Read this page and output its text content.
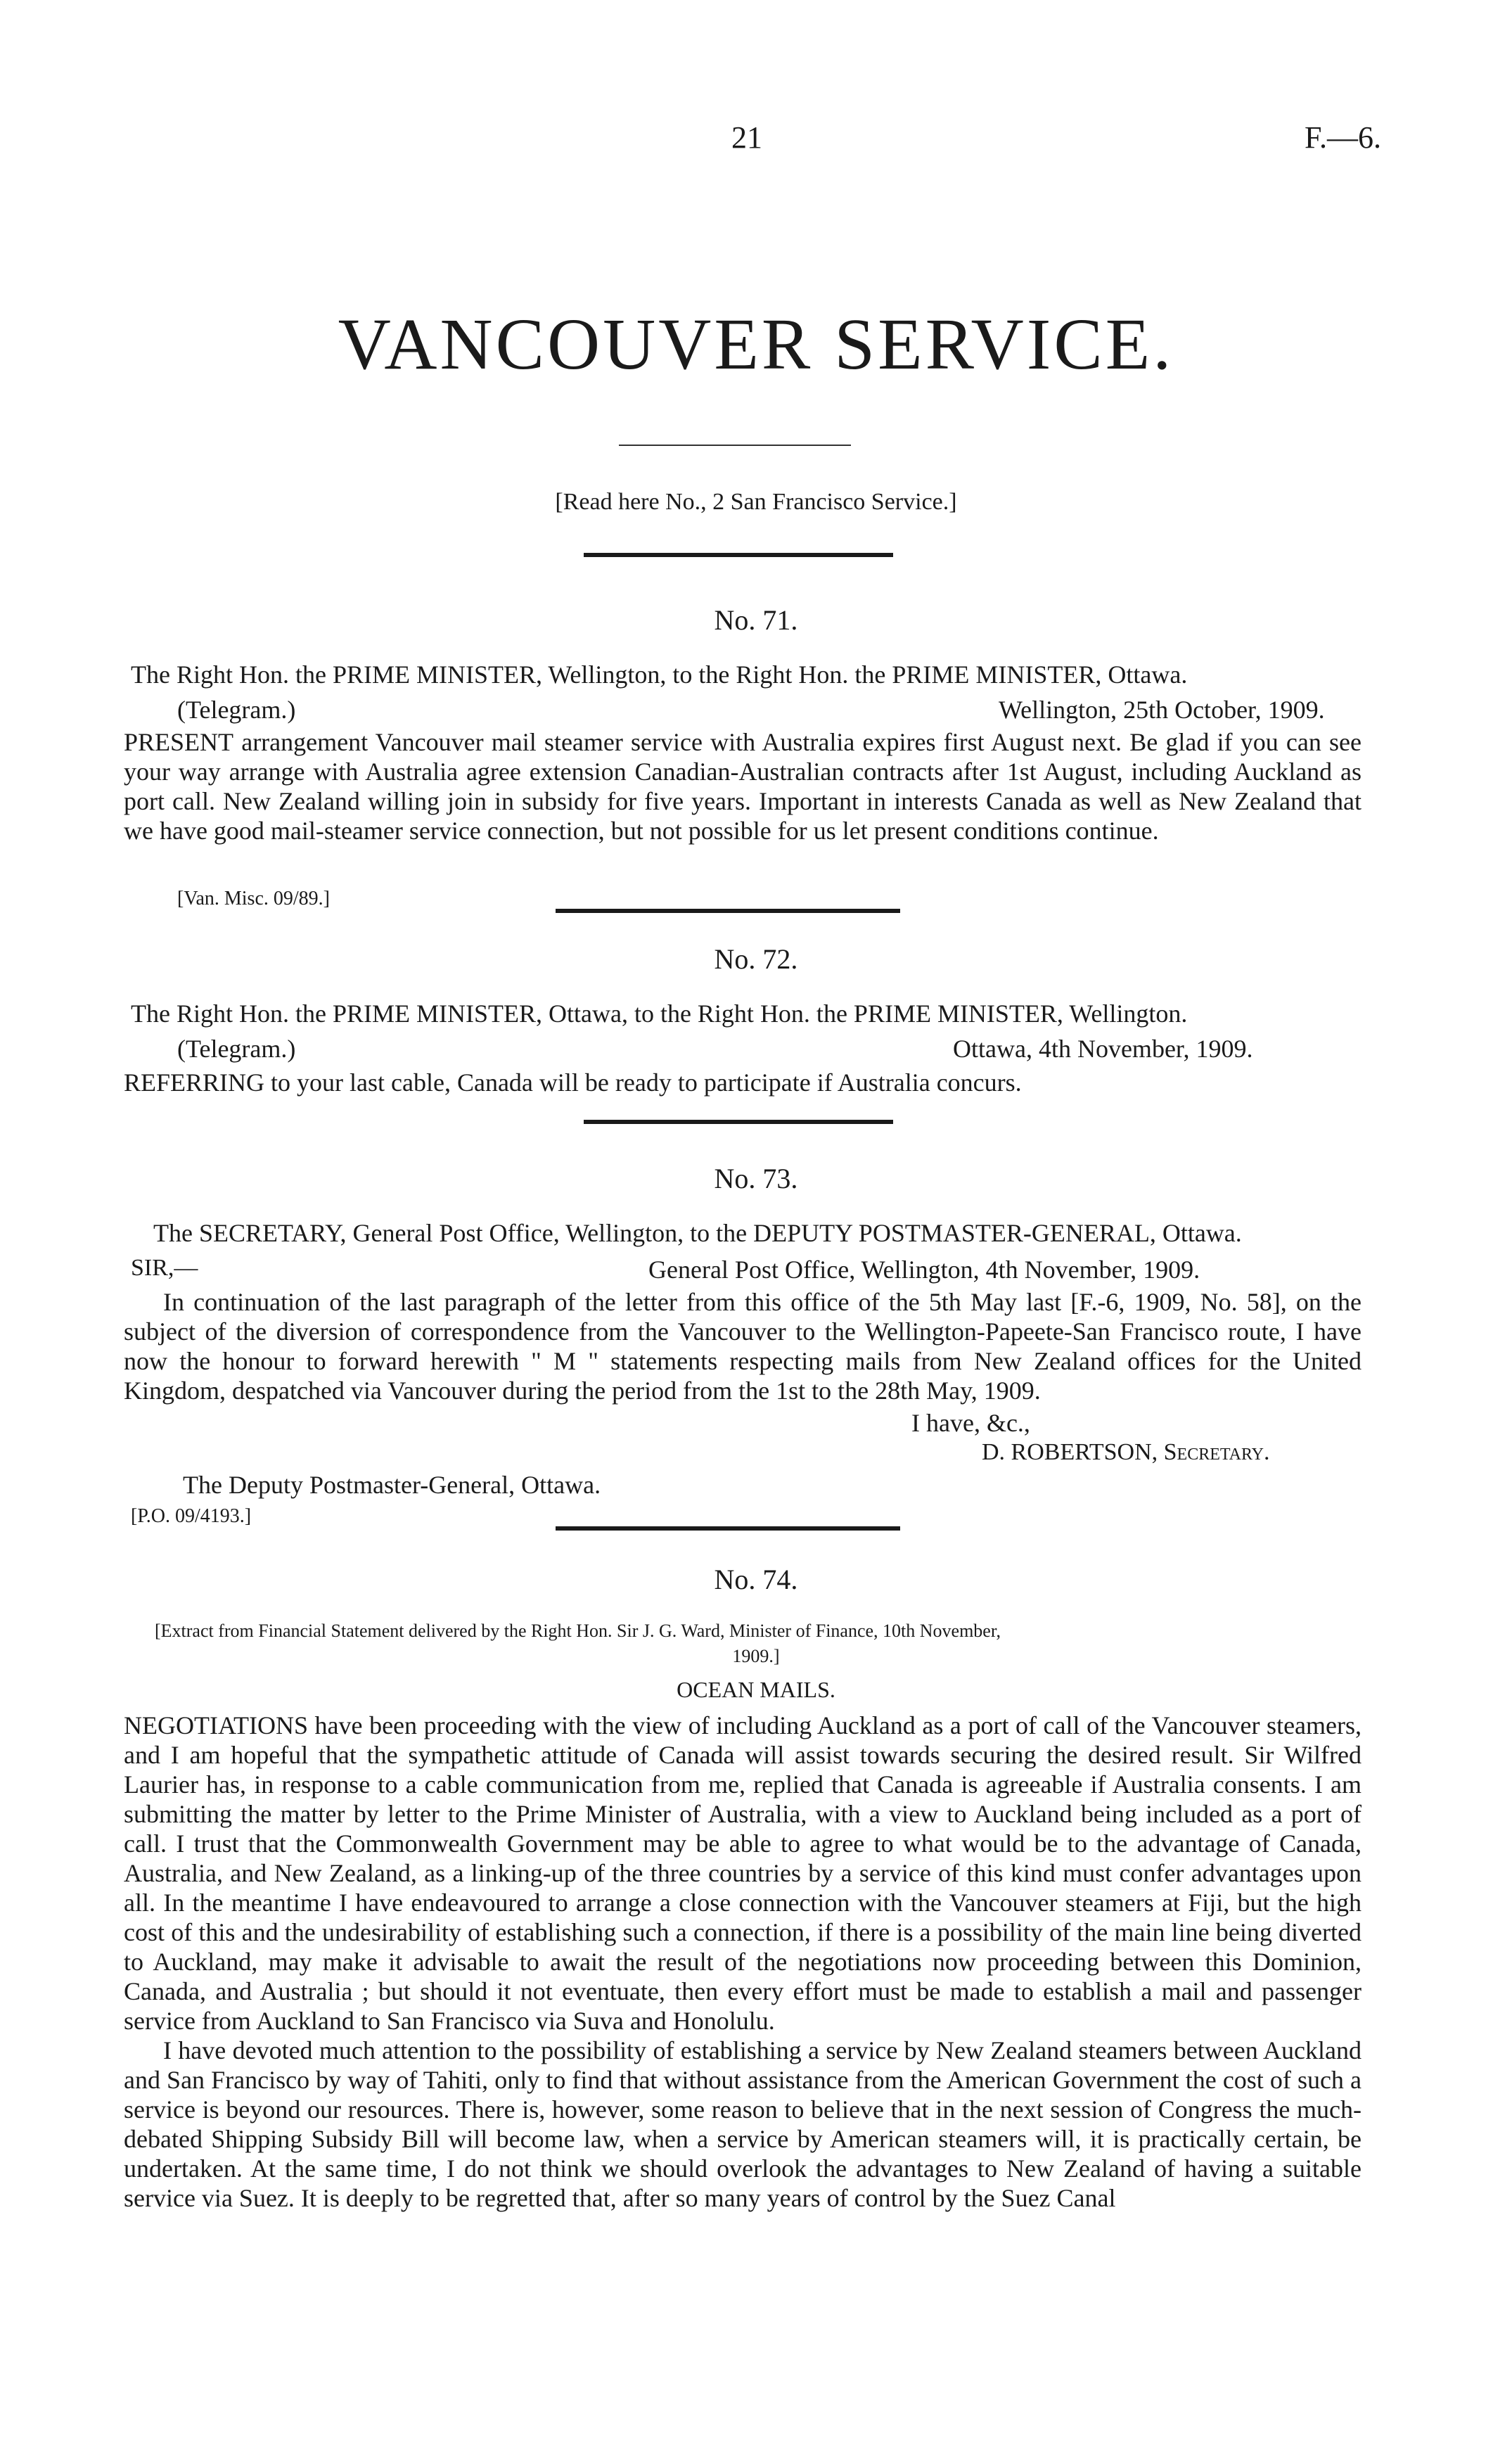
21	F.—6.
VANCOUVER SERVICE.
[Read here No., 2 San Francisco Service.]
No. 71.
The Right Hon. the PRIME MINISTER, Wellington, to the Right Hon. the PRIME MINISTER, Ottawa.
(Telegram.)	Wellington, 25th October, 1909.
PRESENT arrangement Vancouver mail steamer service with Australia expires first August next. Be glad if you can see your way arrange with Australia agree extension Canadian-Australian contracts after 1st August, including Auckland as port call. New Zealand willing join in subsidy for five years. Important in interests Canada as well as New Zealand that we have good mail-steamer service connection, but not possible for us let present conditions continue.
[Van. Misc. 09/89.]
No. 72.
The Right Hon. the PRIME MINISTER, Ottawa, to the Right Hon. the PRIME MINISTER, Wellington.
(Telegram.)	Ottawa, 4th November, 1909.
REFERRING to your last cable, Canada will be ready to participate if Australia concurs.
No. 73.
The SECRETARY, General Post Office, Wellington, to the DEPUTY POSTMASTER-GENERAL, Ottawa.
SIR,—	General Post Office, Wellington, 4th November, 1909.

In continuation of the last paragraph of the letter from this office of the 5th May last [F.-6, 1909, No. 58], on the subject of the diversion of correspondence from the Vancouver to the Wellington-Papeete-San Francisco route, I have now the honour to forward herewith " M " statements respecting mails from New Zealand offices for the United Kingdom, despatched via Vancouver during the period from the 1st to the 28th May, 1909.

I have, &c.,
D. ROBERTSON, Secretary.
The Deputy Postmaster-General, Ottawa.
[P.O. 09/4193.]
No. 74.
[Extract from Financial Statement delivered by the Right Hon. Sir J. G. Ward, Minister of Finance, 10th November,
1909.]
OCEAN MAILS.
NEGOTIATIONS have been proceeding with the view of including Auckland as a port of call of the Vancouver steamers, and I am hopeful that the sympathetic attitude of Canada will assist towards securing the desired result. Sir Wilfred Laurier has, in response to a cable communication from me, replied that Canada is agreeable if Australia consents. I am submitting the matter by letter to the Prime Minister of Australia, with a view to Auckland being included as a port of call. I trust that the Commonwealth Government may be able to agree to what would be to the advantage of Canada, Australia, and New Zealand, as a linking-up of the three countries by a service of this kind must confer advantages upon all. In the meantime I have endeavoured to arrange a close connection with the Vancouver steamers at Fiji, but the high cost of this and the undesirability of establishing such a connection, if there is a possibility of the main line being diverted to Auckland, may make it advisable to await the result of the negotiations now proceeding between this Dominion, Canada, and Australia ; but should it not eventuate, then every effort must be made to establish a mail and passenger service from Auckland to San Francisco via Suva and Honolulu.

I have devoted much attention to the possibility of establishing a service by New Zealand steamers between Auckland and San Francisco by way of Tahiti, only to find that without assistance from the American Government the cost of such a service is beyond our resources. There is, however, some reason to believe that in the next session of Congress the much-debated Shipping Subsidy Bill will become law, when a service by American steamers will, it is practically certain, be undertaken. At the same time, I do not think we should overlook the advantages to New Zealand of having a suitable service via Suez. It is deeply to be regretted that, after so many years of control by the Suez Canal
